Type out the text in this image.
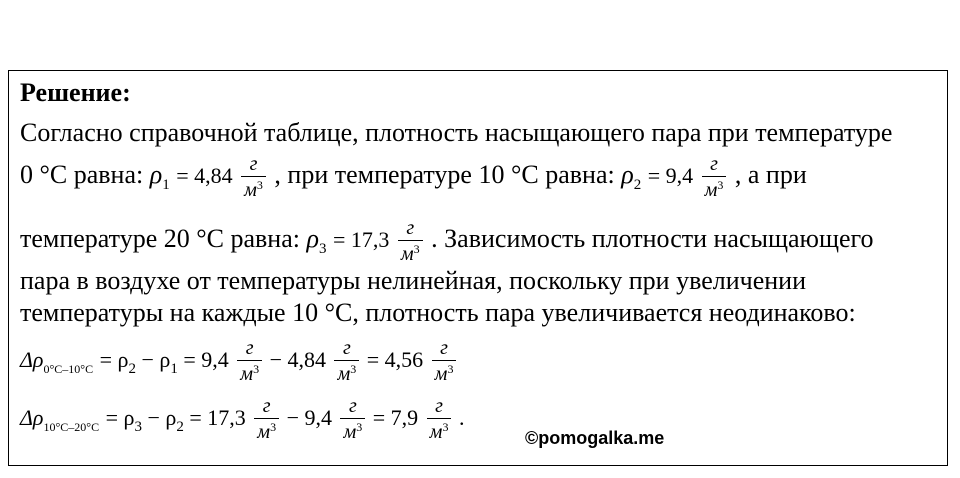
Решение:
Согласно справочной таблице, плотность насыщающего пара при температуре
0 °С равна: $\rho_1 = 4,84 \frac{г}{м^3}$ , при температуре 10 °С равна: $\rho_2 = 9,4 \frac{г}{м^3}$ , а при
температуре 20 °С равна: $\rho_3 = 17,3 \frac{г}{м^3}$ . Зависимость плотности насыщающего
пара в воздухе от температуры нелинейная, поскольку при увеличении
температуры на каждые 10 °С, плотность пара увеличивается неодинаково:
$\Delta\rho_{0^\circ C-10^\circ C} = \rho_2 - \rho_1 = 9,4 \frac{г}{м^3} - 4,84 \frac{г}{м^3} = 4,56 \frac{г}{м^3}$
$\Delta\rho_{10^\circ C-20^\circ C} = \rho_3 - \rho_2 = 17,3 \frac{г}{м^3} - 9,4 \frac{г}{м^3} = 7,9 \frac{г}{м^3}$ .
©pomogalka.me
